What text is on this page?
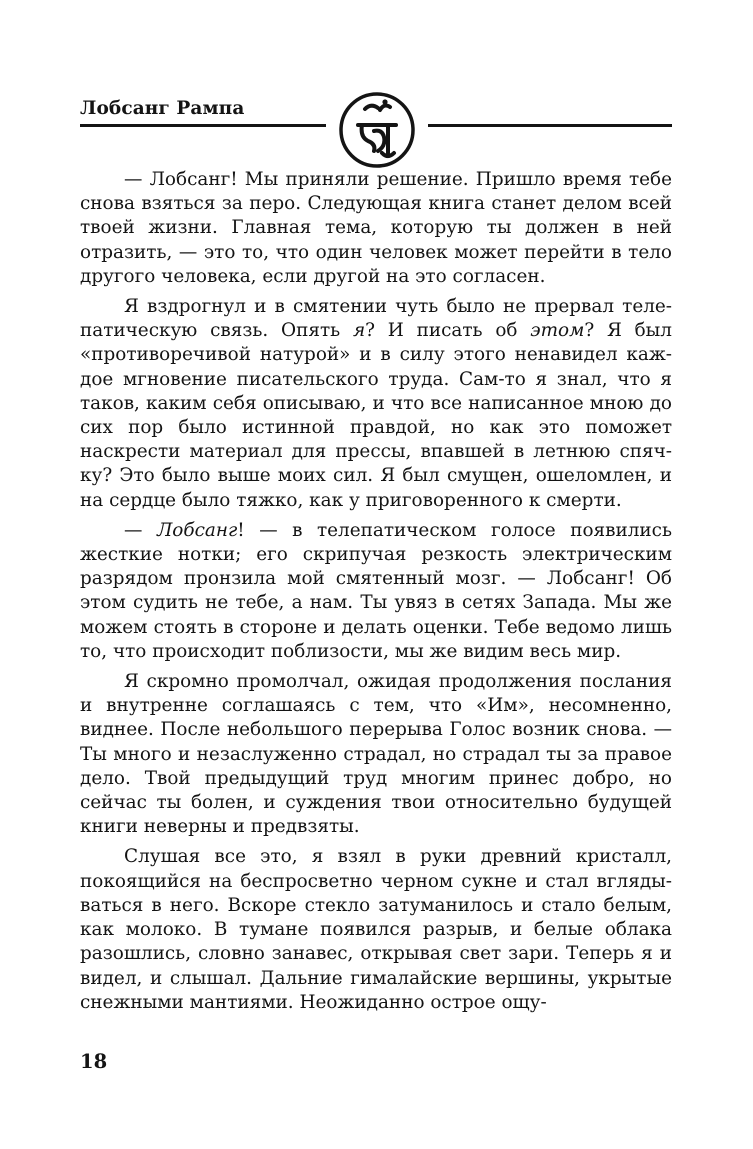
Лобсанг Рампа

— Лобсанг! Мы приняли решение. Пришло время тебе снова взяться за перо. Следующая книга станет делом всей твоей жизни. Главная тема, которую ты должен в ней отразить, — это то, что один человек может перейти в тело другого человека, если другой на это согласен.

Я вздрогнул и в смятении чуть было не прервал телепатическую связь. Опять я? И писать об этом? Я был «противоречивой натурой» и в силу этого ненавидел каждое мгновение писательского труда. Сам-то я знал, что я таков, каким себя описываю, и что все написанное мною до сих пор было истинной правдой, но как это поможет наскрести материал для прессы, впавшей в летнюю спячку? Это было выше моих сил. Я был смущен, ошеломлен, и на сердце было тяжко, как у приговоренного к смерти.

— Лобсанг! — в телепатическом голосе появились жесткие нотки; его скрипучая резкость электрическим разрядом пронзила мой смятенный мозг. — Лобсанг! Об этом судить не тебе, а нам. Ты увяз в сетях Запада. Мы же можем стоять в стороне и делать оценки. Тебе ведомо лишь то, что происходит поблизости, мы же видим весь мир.

Я скромно промолчал, ожидая продолжения послания и внутренне соглашаясь с тем, что «Им», несомненно, виднее. После небольшого перерыва Голос возник снова. — Ты много и незаслуженно страдал, но страдал ты за правое дело. Твой предыдущий труд многим принес добро, но сейчас ты болен, и суждения твои относительно будущей книги неверны и предвзяты.

Слушая все это, я взял в руки древний кристалл, покоящийся на беспросветно черном сукне и стал вглядываться в него. Вскоре стекло затуманилось и стало белым, как молоко. В тумане появился разрыв, и белые облака разошлись, словно занавес, открывая свет зари. Теперь я и видел, и слышал. Дальние гималайские вершины, укрытые снежными мантиями. Неожиданно острое ощу-

18
